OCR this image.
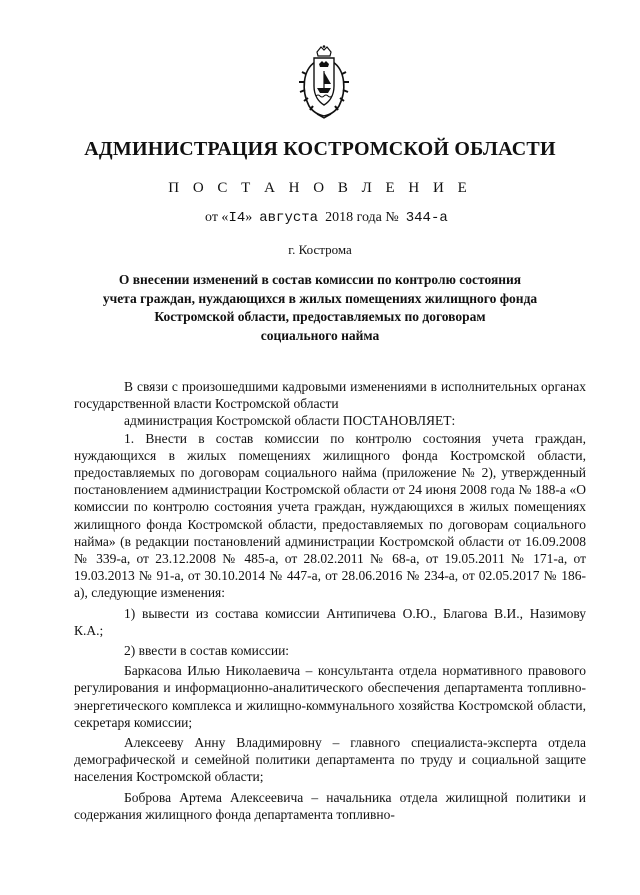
АДМИНИСТРАЦИЯ КОСТРОМСКОЙ ОБЛАСТИ
П О С Т А Н О В Л Е Н И Е
от «I4» августа 2018 года № 344-а
г. Кострома
О внесении изменений в состав комиссии по контролю состояния
учета граждан, нуждающихся в жилых помещениях жилищного фонда
Костромской области, предоставляемых по договорам
социального найма

В связи с произошедшими кадровыми изменениями в исполнительных органах государственной власти Костромской области

администрация Костромской области ПОСТАНОВЛЯЕТ:

1. Внести в состав комиссии по контролю состояния учета граждан, нуждающихся в жилых помещениях жилищного фонда Костромской области, предоставляемых по договорам социального найма (приложение № 2), утвержденный постановлением администрации Костромской области от 24 июня 2008 года № 188-а «О комиссии по контролю состояния учета граждан, нуждающихся в жилых помещениях жилищного фонда Костромской области, предоставляемых по договорам социального найма» (в редакции постановлений администрации Костромской области от 16.09.2008 № 339-а, от 23.12.2008 № 485-а, от 28.02.2011 № 68-а, от 19.05.2011 № 171-а, от 19.03.2013 № 91-а, от 30.10.2014 № 447-а, от 28.06.2016 № 234-а, от 02.05.2017 № 186-а), следующие изменения:

1) вывести из состава комиссии Антипичева О.Ю., Благова В.И., Назимову К.А.;

2) ввести в состав комиссии:

Баркасова Илью Николаевича – консультанта отдела нормативного правового регулирования и информационно-аналитического обеспечения департамента топливно-энергетического комплекса и жилищно-коммунального хозяйства Костромской области, секретаря комиссии;

Алексееву Анну Владимировну – главного специалиста-эксперта отдела демографической и семейной политики департамента по труду и социальной защите населения Костромской области;

Боброва Артема Алексеевича – начальника отдела жилищной политики и содержания жилищного фонда департамента топливно-
